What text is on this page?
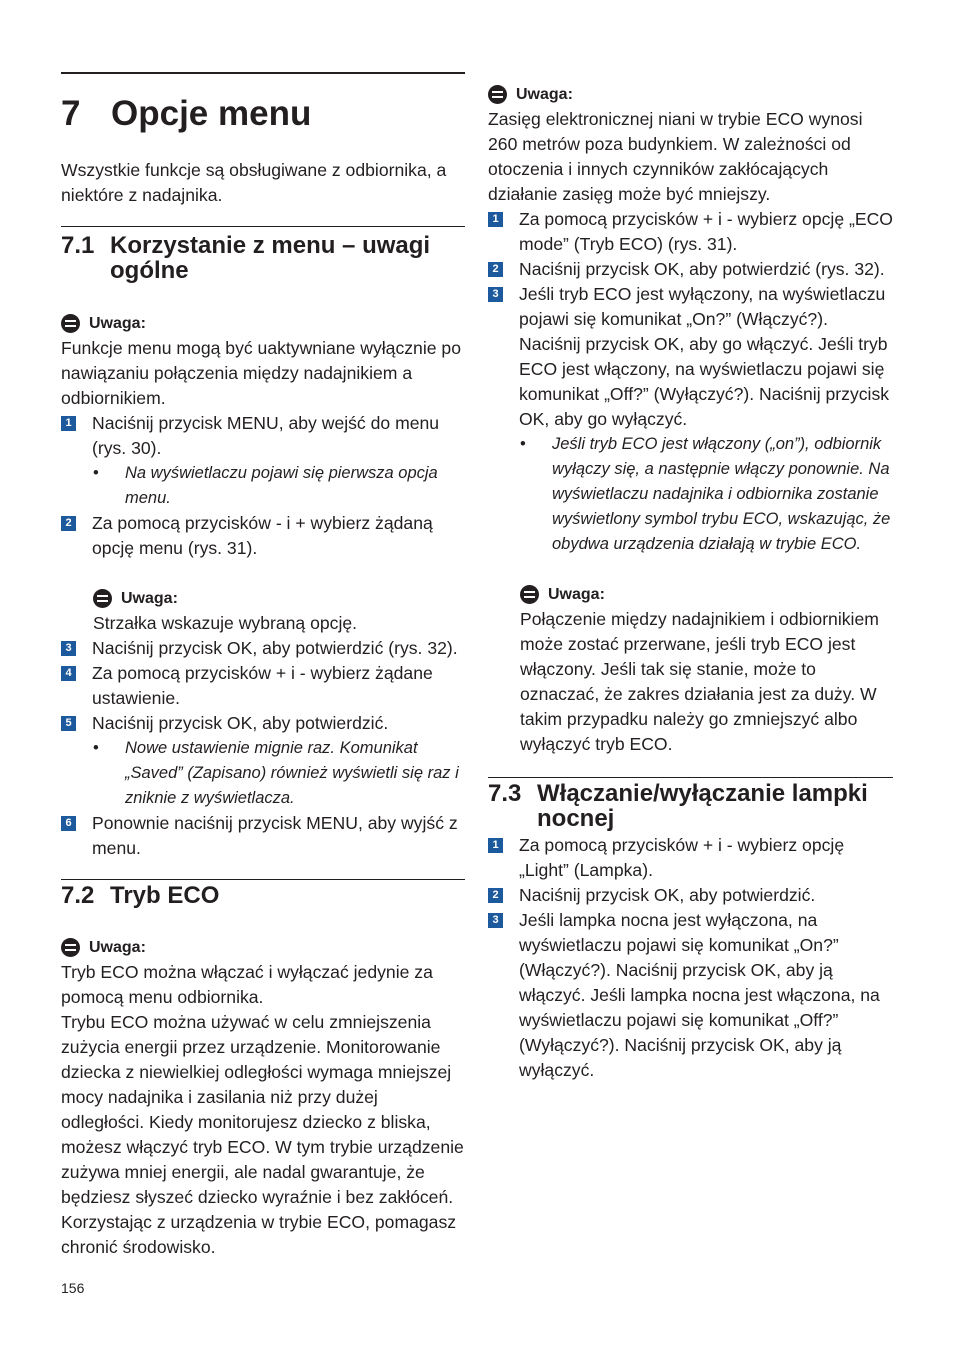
7 Opcje menu

Wszystkie funkcje są obsługiwane z odbiornika, a niektóre z nadajnika.

7.1 Korzystanie z menu – uwagi ogólne
Uwaga:

Funkcje menu mogą być uaktywniane wyłącznie po nawiązaniu połączenia między nadajnikiem a odbiornikiem.

1 Naciśnij przycisk MENU, aby wejść do menu (rys. 30).
•	Na wyświetlaczu pojawi się pierwsza opcja menu.
2 Za pomocą przycisków - i + wybierz żądaną opcję menu (rys. 31).
Uwaga:

Strzałka wskazuje wybraną opcję.

3 Naciśnij przycisk OK, aby potwierdzić (rys. 32).
4 Za pomocą przycisków + i - wybierz żądane ustawienie.
5 Naciśnij przycisk OK, aby potwierdzić.
•	Nowe ustawienie mignie raz. Komunikat „Saved” (Zapisano) również wyświetli się raz i zniknie z wyświetlacza.
6 Ponownie naciśnij przycisk MENU, aby wyjść z menu.
7.2 Tryb ECO
Uwaga:

Tryb ECO można włączać i wyłączać jedynie za pomocą menu odbiornika.

Trybu ECO można używać w celu zmniejszenia zużycia energii przez urządzenie. Monitorowanie dziecka z niewielkiej odległości wymaga mniejszej mocy nadajnika i zasilania niż przy dużej odległości. Kiedy monitorujesz dziecko z bliska, możesz włączyć tryb ECO. W tym trybie urządzenie zużywa mniej energii, ale nadal gwarantuje, że będziesz słyszeć dziecko wyraźnie i bez zakłóceń. Korzystając z urządzenia w trybie ECO, pomagasz chronić środowisko.

Uwaga:

Zasięg elektronicznej niani w trybie ECO wynosi 260 metrów poza budynkiem. W zależności od otoczenia i innych czynników zakłócających działanie zasięg może być mniejszy.

1 Za pomocą przycisków + i - wybierz opcję „ECO mode” (Tryb ECO) (rys. 31).
2 Naciśnij przycisk OK, aby potwierdzić (rys. 32).
3 Jeśli tryb ECO jest wyłączony, na wyświetlaczu pojawi się komunikat „On?” (Włączyć?). Naciśnij przycisk OK, aby go włączyć. Jeśli tryb ECO jest włączony, na wyświetlaczu pojawi się komunikat „Off?” (Wyłączyć?). Naciśnij przycisk OK, aby go wyłączyć.
•	Jeśli tryb ECO jest włączony („on”), odbiornik wyłączy się, a następnie włączy ponownie. Na wyświetlaczu nadajnika i odbiornika zostanie wyświetlony symbol trybu ECO, wskazując, że obydwa urządzenia działają w trybie ECO.
Uwaga:

Połączenie między nadajnikiem i odbiornikiem może zostać przerwane, jeśli tryb ECO jest włączony. Jeśli tak się stanie, może to oznaczać, że zakres działania jest za duży. W takim przypadku należy go zmniejszyć albo wyłączyć tryb ECO.

7.3 Włączanie/wyłączanie lampki nocnej
1 Za pomocą przycisków + i - wybierz opcję „Light” (Lampka).
2 Naciśnij przycisk OK, aby potwierdzić.
3 Jeśli lampka nocna jest wyłączona, na wyświetlaczu pojawi się komunikat „On?” (Włączyć?). Naciśnij przycisk OK, aby ją włączyć. Jeśli lampka nocna jest włączona, na wyświetlaczu pojawi się komunikat „Off?” (Wyłączyć?). Naciśnij przycisk OK, aby ją wyłączyć.
156
